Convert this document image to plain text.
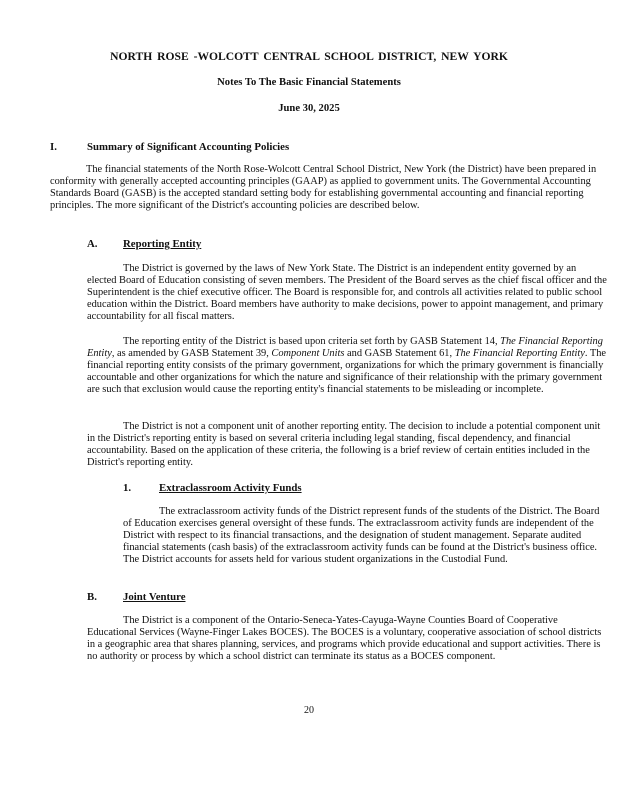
NORTH ROSE -WOLCOTT CENTRAL SCHOOL DISTRICT, NEW YORK
Notes To The Basic Financial Statements
June 30, 2025
I.	Summary of Significant Accounting Policies
The financial statements of the North Rose-Wolcott Central School District, New York (the District) have been prepared in conformity with generally accepted accounting principles (GAAP) as applied to government units. The Governmental Accounting Standards Board (GASB) is the accepted standard setting body for establishing governmental accounting and financial reporting principles. The more significant of the District's accounting policies are described below.
A. Reporting Entity
The District is governed by the laws of New York State. The District is an independent entity governed by an elected Board of Education consisting of seven members. The President of the Board serves as the chief fiscal officer and the Superintendent is the chief executive officer. The Board is responsible for, and controls all activities related to public school education within the District. Board members have authority to make decisions, power to appoint management, and primary accountability for all fiscal matters.
The reporting entity of the District is based upon criteria set forth by GASB Statement 14, The Financial Reporting Entity, as amended by GASB Statement 39, Component Units and GASB Statement 61, The Financial Reporting Entity. The financial reporting entity consists of the primary government, organizations for which the primary government is financially accountable and other organizations for which the nature and significance of their relationship with the primary government are such that exclusion would cause the reporting entity's financial statements to be misleading or incomplete.
The District is not a component unit of another reporting entity. The decision to include a potential component unit in the District's reporting entity is based on several criteria including legal standing, fiscal dependency, and financial accountability. Based on the application of these criteria, the following is a brief review of certain entities included in the District's reporting entity.
1.	Extraclassroom Activity Funds
The extraclassroom activity funds of the District represent funds of the students of the District. The Board of Education exercises general oversight of these funds. The extraclassroom activity funds are independent of the District with respect to its financial transactions, and the designation of student management. Separate audited financial statements (cash basis) of the extraclassroom activity funds can be found at the District's business office. The District accounts for assets held for various student organizations in the Custodial Fund.
B. Joint Venture
The District is a component of the Ontario-Seneca-Yates-Cayuga-Wayne Counties Board of Cooperative Educational Services (Wayne-Finger Lakes BOCES). The BOCES is a voluntary, cooperative association of school districts in a geographic area that shares planning, services, and programs which provide educational and support activities. There is no authority or process by which a school district can terminate its status as a BOCES component.
20
